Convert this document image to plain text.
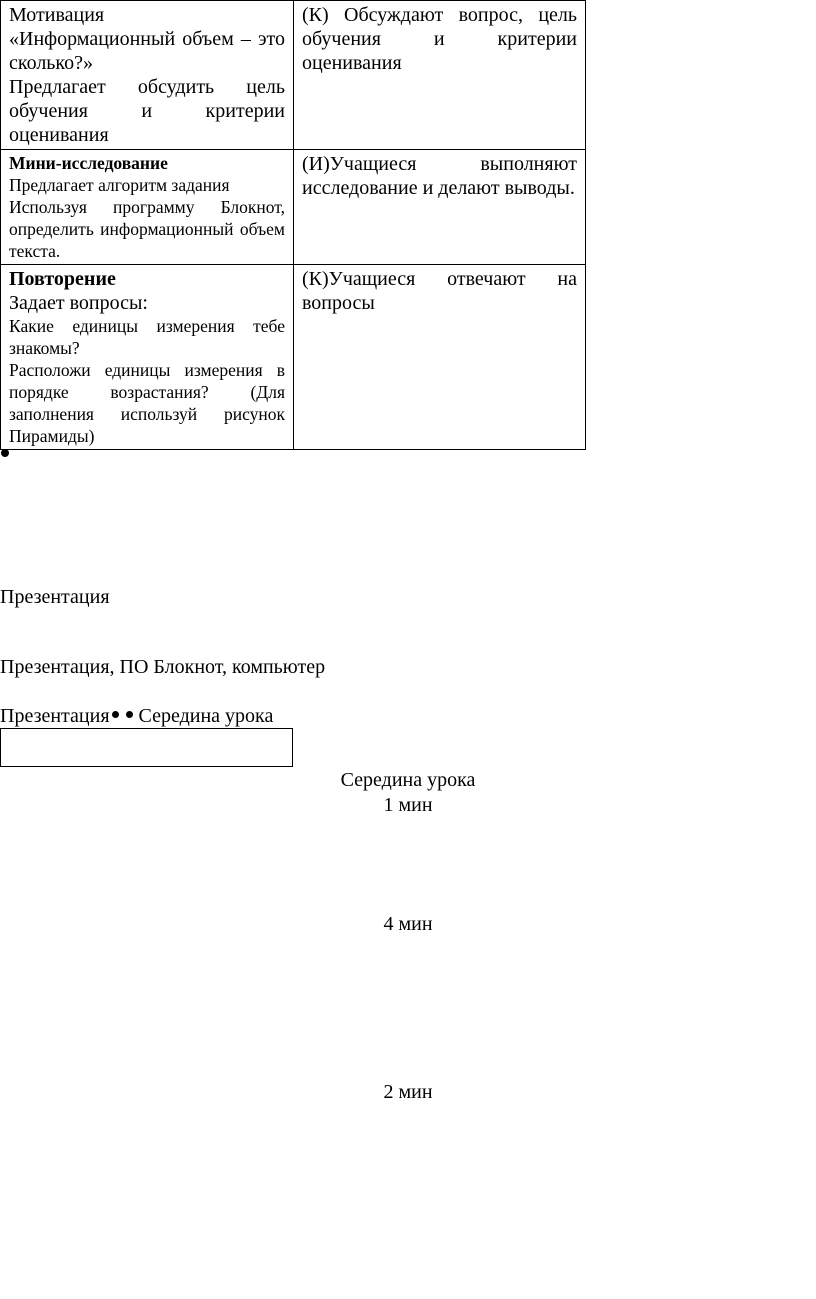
Мотивация

«Информационный объем – это сколько?»

Предлагает обсудить цель обучения и критерии оценивания	(К) Обсуждают вопрос, цель обучения и критерии оценивания

Мини-исследование

Предлагает алгоритм задания

Используя программу Блокнот, определить информационный объем текста.	(И)Учащиеся выполняют исследование и делают выводы.

Повторение

Задает вопросы:

Какие единицы измерения тебе знакомы?

Расположи единицы измерения в порядке возрастания? (Для заполнения используй рисунок Пирамиды)	(К)Учащиеся отвечают на вопросы

Презентация

Презентация, ПО Блокнот, компьютер

Презентация Середина урока

Середина урока

1 мин

4 мин

2 мин
